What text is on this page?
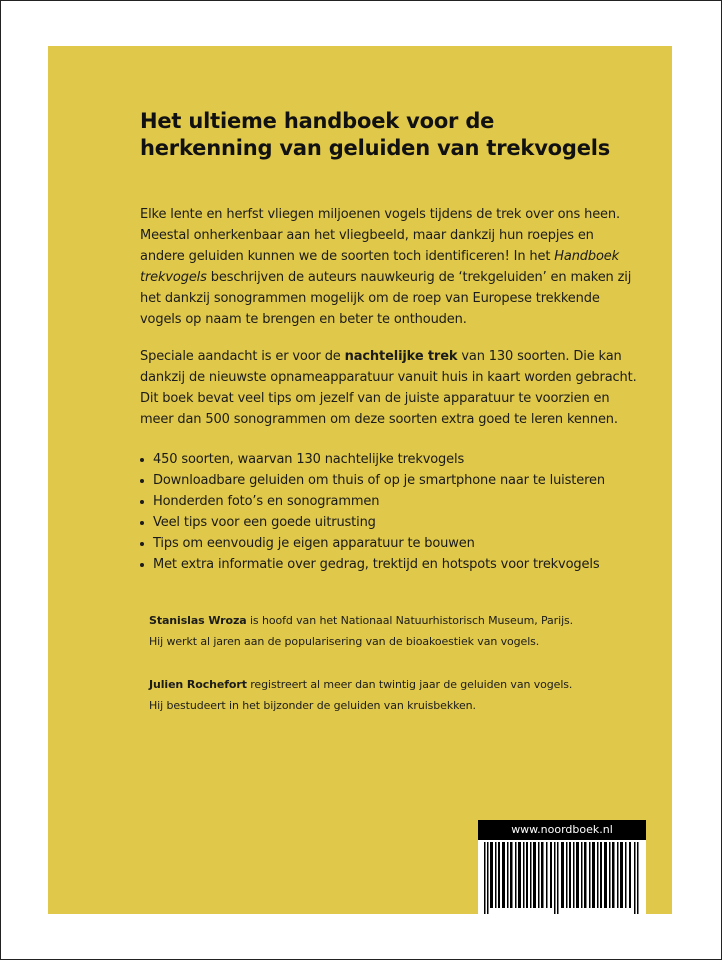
Het ultieme handboek voor de herkenning van geluiden van trekvogels

Elke lente en herfst vliegen miljoenen vogels tijdens de trek over ons heen. Meestal onherkenbaar aan het vliegbeeld, maar dankzij hun roepjes en andere geluiden kunnen we de soorten toch identificeren! In het Handboek trekvogels beschrijven de auteurs nauwkeurig de ‘trekgeluiden’ en maken zij het dankzij sonogrammen mogelijk om de roep van Europese trekkende vogels op naam te brengen en beter te onthouden.

Speciale aandacht is er voor de nachtelijke trek van 130 soorten. Die kan dankzij de nieuwste opnameapparatuur vanuit huis in kaart worden gebracht. Dit boek bevat veel tips om jezelf van de juiste apparatuur te voorzien en meer dan 500 sonogrammen om deze soorten extra goed te leren kennen.

450 soorten, waarvan 130 nachtelijke trekvogels
Downloadbare geluiden om thuis of op je smartphone naar te luisteren
Honderden foto’s en sonogrammen
Veel tips voor een goede uitrusting
Tips om eenvoudig je eigen apparatuur te bouwen
Met extra informatie over gedrag, trektijd en hotspots voor trekvogels

Stanislas Wroza is hoofd van het Nationaal Natuurhistorisch Museum, Parijs.
Hij werkt al jaren aan de popularisering van de bioakoestiek van vogels.

Julien Rochefort registreert al meer dan twintig jaar de geluiden van vogels.
Hij bestudeert in het bijzonder de geluiden van kruisbekken.

www.noordboek.nl
